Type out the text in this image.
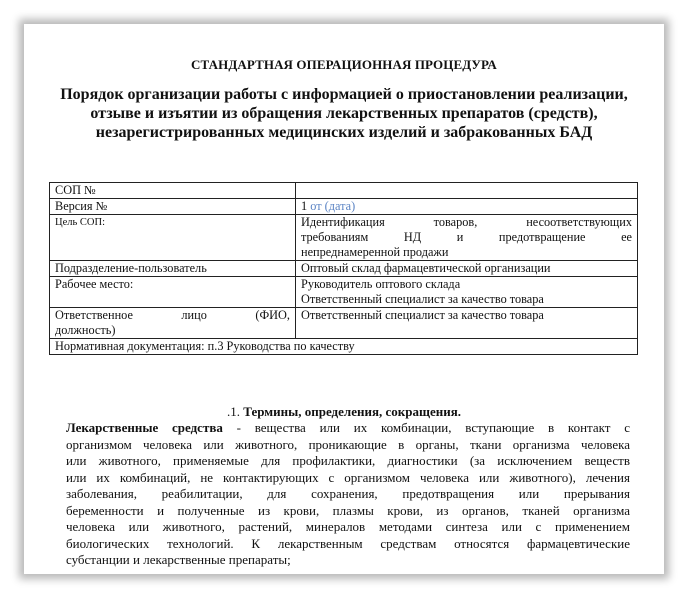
СТАНДАРТНАЯ ОПЕРАЦИОННАЯ ПРОЦЕДУРА
Порядок организации работы с информацией о приостановлении реализации, отзыве и изъятии из обращения лекарственных препаратов (средств), незарегистрированных медицинских изделий и забракованных БАД
СОП №	
Версия №	1 от (дата)
Цель СОП:	Идентификация товаров, несоответствующих
требованиям НД и предотвращение ее
непреднамеренной продажи

Подразделение-пользователь	Оптовый склад фармацевтической организации
Рабочее место:	Руководитель оптового склада
Ответственный специалист за качество товара

Ответственное лицо (ФИО,
должность)	Ответственный специалист за качество товара
Нормативная документация: п.3 Руководства по качеству	
.1. Термины, определения, сокращения.
Лекарственные средства - вещества или их комбинации, вступающие в контакт с
организмом человека или животного, проникающие в органы, ткани организма человека
или животного, применяемые для профилактики, диагностики (за исключением веществ
или их комбинаций, не контактирующих с организмом человека или животного), лечения
заболевания, реабилитации, для сохранения, предотвращения или прерывания
беременности и полученные из крови, плазмы крови, из органов, тканей организма
человека или животного, растений, минералов методами синтеза или с применением
биологических технологий. К лекарственным средствам относятся фармацевтические
субстанции и лекарственные препараты;
